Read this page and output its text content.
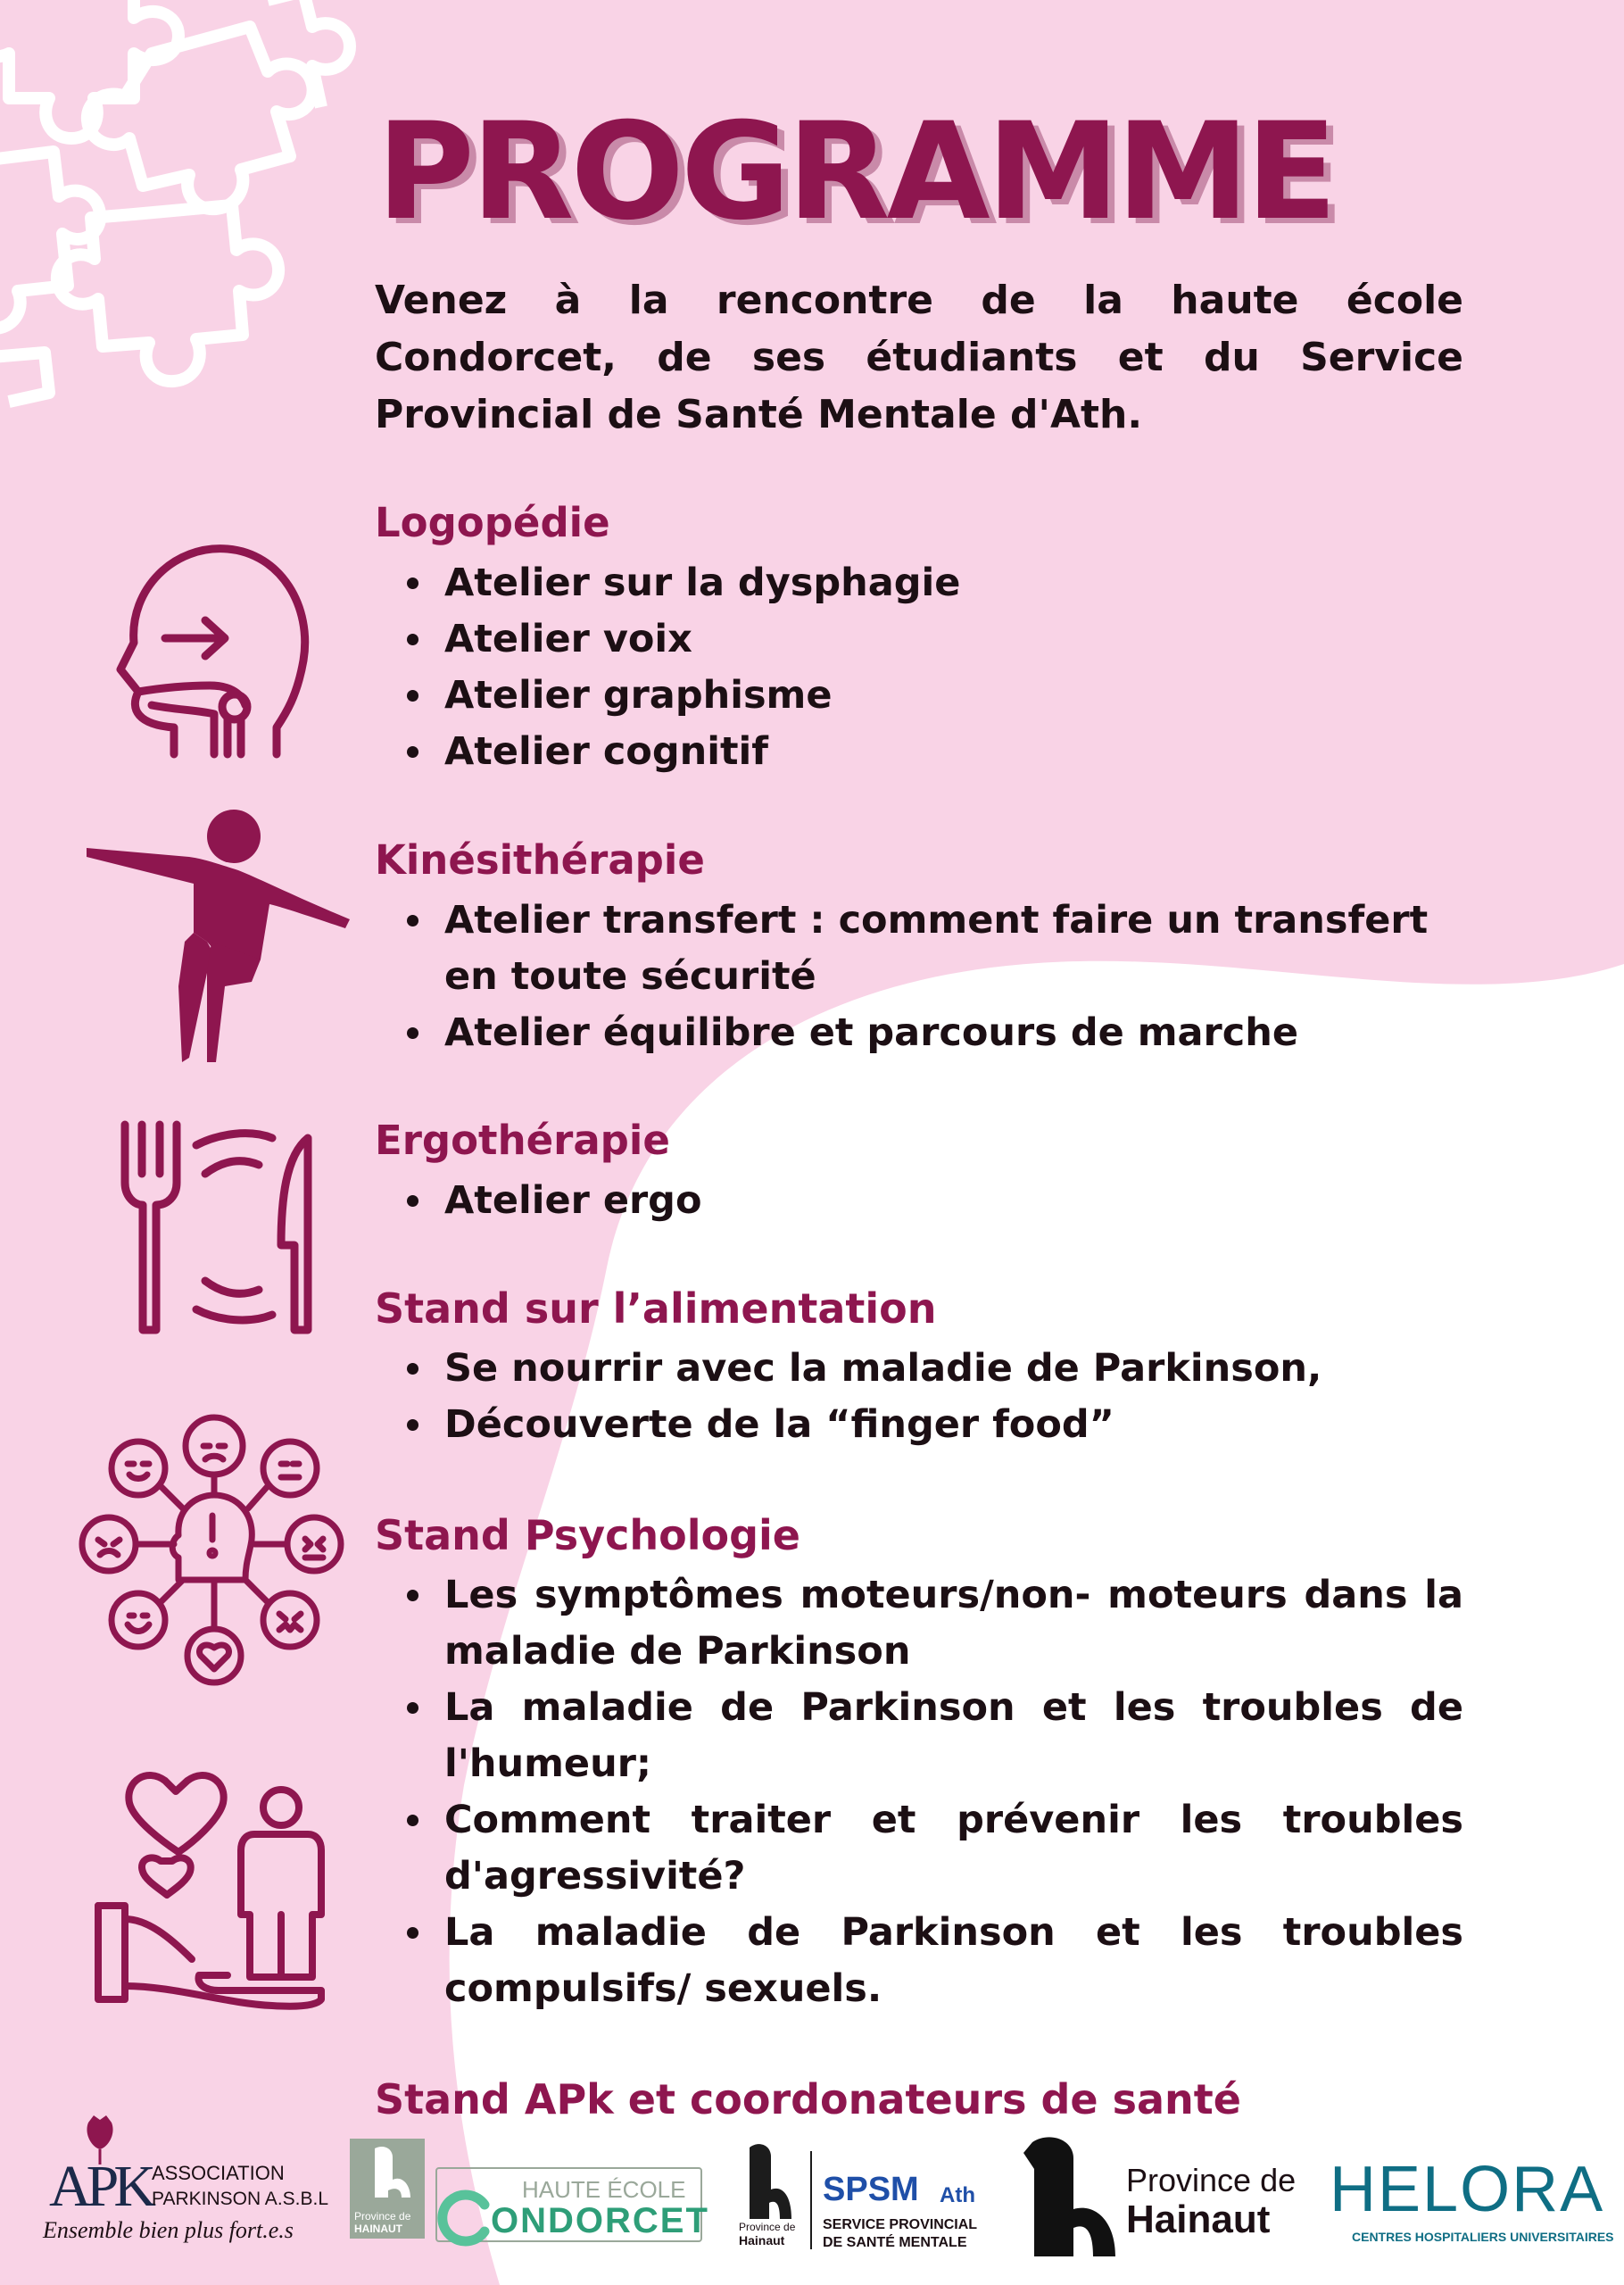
PROGRAMME

Venez à la rencontre de la haute école Condorcet, de ses étudiants et du Service Provincial de Santé Mentale d'Ath.

Logopédie
Atelier sur la dysphagie
Atelier voix
Atelier graphisme
Atelier cognitif
Kinésithérapie
Atelier transfert : comment faire un transfert en toute sécurité
Atelier équilibre et parcours de marche
Ergothérapie
Atelier ergo
Stand sur l’alimentation
Se nourrir avec la maladie de Parkinson,
Découverte de la “finger food”
Stand Psychologie
Les symptômes moteurs/non- moteurs dans la maladie de Parkinson
La maladie de Parkinson et les troubles de l'humeur;
Comment traiter et prévenir les troubles d'agressivité?
La maladie de Parkinson et les troubles compulsifs/ sexuels.
Stand APk et coordonateurs de santé
APK ASSOCIATION
PARKINSON A.S.B.L
Ensemble bien plus fort.e.s
Province de
HAINAUT
HAUTE ÉCOLE
ONDORCET	Province de
Hainaut
SPSM Ath
SERVICE PROVINCIAL
DE SANTÉ MENTALE
Province de
Hainaut HELORA
CENTRES HOSPITALIERS UNIVERSITAIRES
